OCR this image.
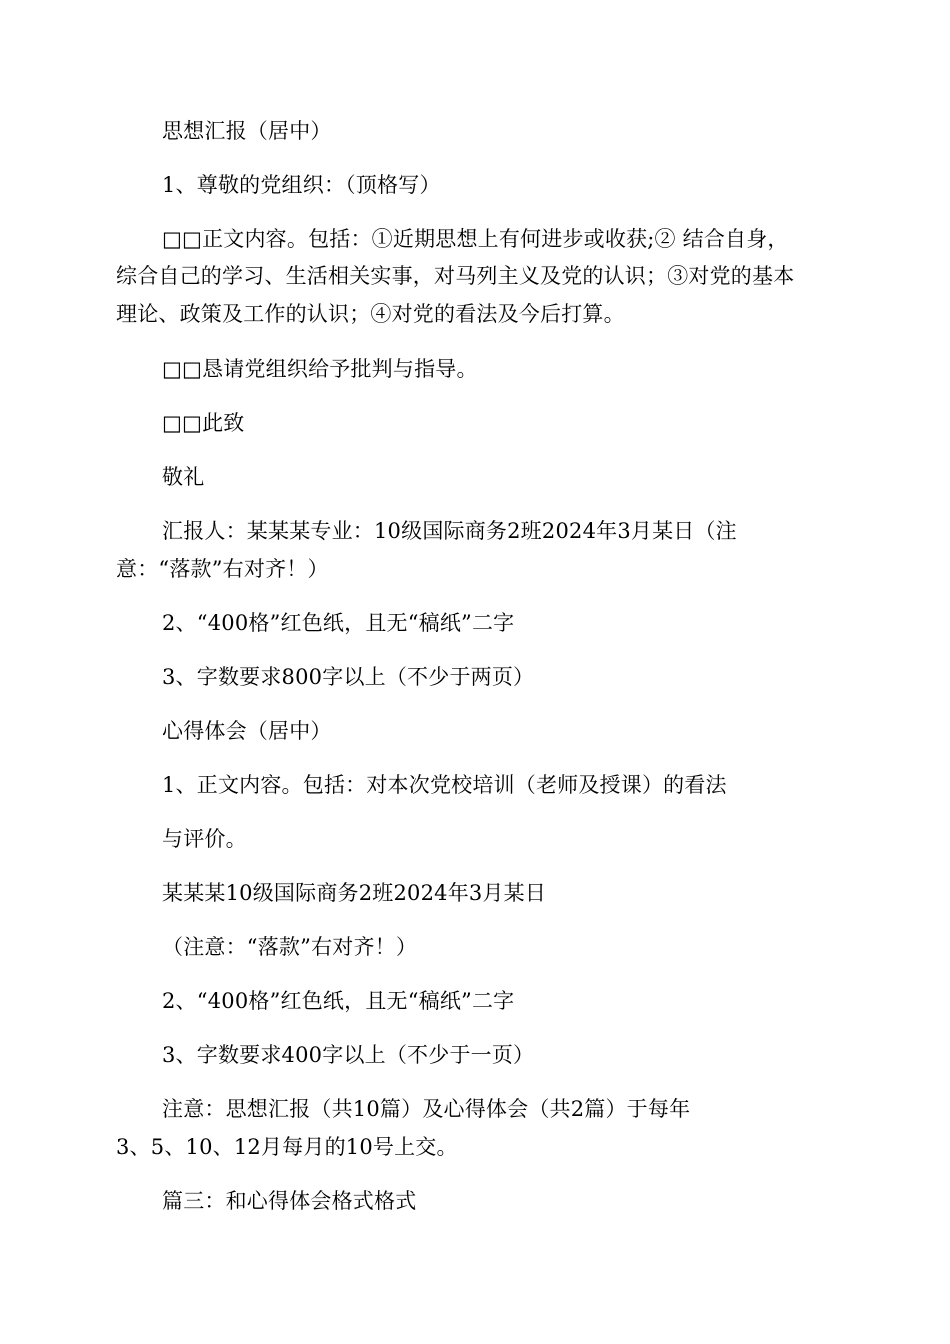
思想汇报（居中）
1、尊敬的党组织：（顶格写）
□□正文内容。包括：①近期思想上有何进步或收获;② 结合自身，
综合自己的学习、生活相关实事，对马列主义及党的认识；③对党的基本
理论、政策及工作的认识；④对党的看法及今后打算。
□□恳请党组织给予批判与指导。
□□此致
敬礼
汇报人：某某某专业：10级国际商务2班2024年3月某日（注
意：“落款”右对齐！）
2、“400格”红色纸，且无“稿纸”二字
3、字数要求800字以上（不少于两页）
心得体会（居中）
1、正文内容。包括：对本次党校培训（老师及授课）的看法
与评价。
某某某10级国际商务2班2024年3月某日
（注意：“落款”右对齐！）
2、“400格”红色纸，且无“稿纸”二字
3、字数要求400字以上（不少于一页）
注意：思想汇报（共10篇）及心得体会（共2篇）于每年
3、5、10、12月每月的10号上交。
篇三：和心得体会格式格式
